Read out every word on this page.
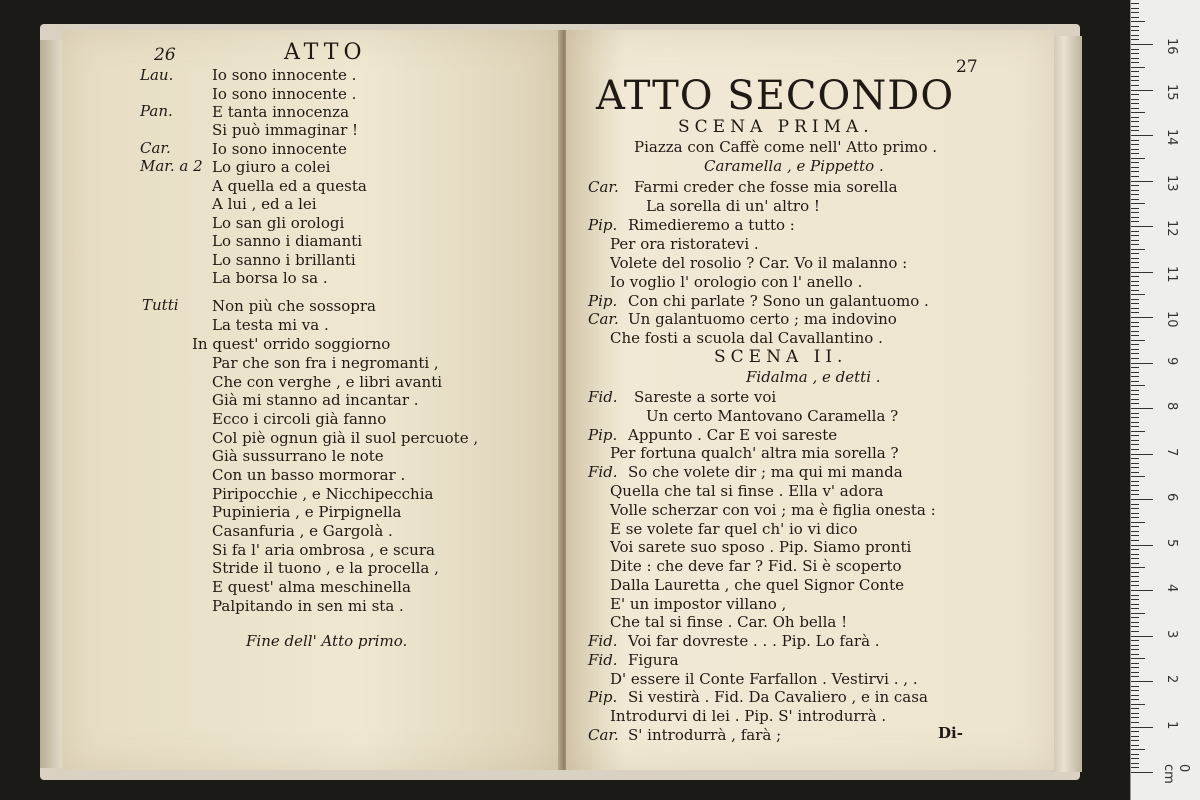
26	ATTO
Lau.
Pan.
Car.
Mar. a 2
Tutti
Io sono innocente .
Io sono innocente .
E tanta innocenza
Si può immaginar !
Io sono innocente
Lo giuro a colei
A quella ed a questa
A lui , ed a lei
Lo san gli orologi
Lo sanno i diamanti
Lo sanno i brillanti
La borsa lo sa .
Non più che sossopra
La testa mi va .
In quest' orrido soggiorno
Par che son fra i negromanti ,
Che con verghe , e libri avanti
Già mi stanno ad incantar .
Ecco i circoli già fanno
Col piè ognun già il suol percuote ,
Già sussurrano le note
Con un basso mormorar .
Piripocchie , e Nicchipecchia
Pupinieria , e Pirpignella
Casanfuria , e Gargolà .
Si fa l' aria ombrosa , e scura
Stride il tuono , e la procella ,
E quest' alma meschinella
Palpitando in sen mi sta .
Fine dell' Atto primo.
27
ATTO SECONDO
SCENA PRIMA.
Piazza con Caffè come nell' Atto primo .
Caramella , e Pippetto .
Car.
Pip.
Pip.
Car.
Farmi creder che fosse mia sorella
La sorella di un' altro !
Rimedieremo a tutto :
Per ora ristoratevi .
Volete del rosolio ? Car. Vo il malanno :
Io voglio l' orologio con l' anello .
Con chi parlate ? Sono un galantuomo .
Un galantuomo certo ; ma indovino
Che fosti a scuola dal Cavallantino .
SCENA II.
Fidalma , e detti .
Fid.
Pip.
Fid.
Fid.
Fid.
Pip.
Car.
Sareste a sorte voi
Un certo Mantovano Caramella ?
Appunto . Car E voi sareste
Per fortuna qualch' altra mia sorella ?
So che volete dir ; ma qui mi manda
Quella che tal si finse . Ella v' adora
Volle scherzar con voi ; ma è figlia onesta :
E se volete far quel ch' io vi dico
Voi sarete suo sposo . Pip. Siamo pronti
Dite : che deve far ? Fid. Si è scoperto
Dalla Lauretta , che quel Signor Conte
E' un impostor villano ,
Che tal si finse . Car. Oh bella !
Voi far dovreste . . . Pip. Lo farà .
Figura
D' essere il Conte Farfallon . Vestirvi . , .
Si vestirà . Fid. Da Cavaliero , e in casa
Introdurvi di lei . Pip. S' introdurrà .
S' introdurrà , farà ;	Di-
0 cm
1
2
3
4
5
6
7
8
9
10
11
12
13
14
15
16
